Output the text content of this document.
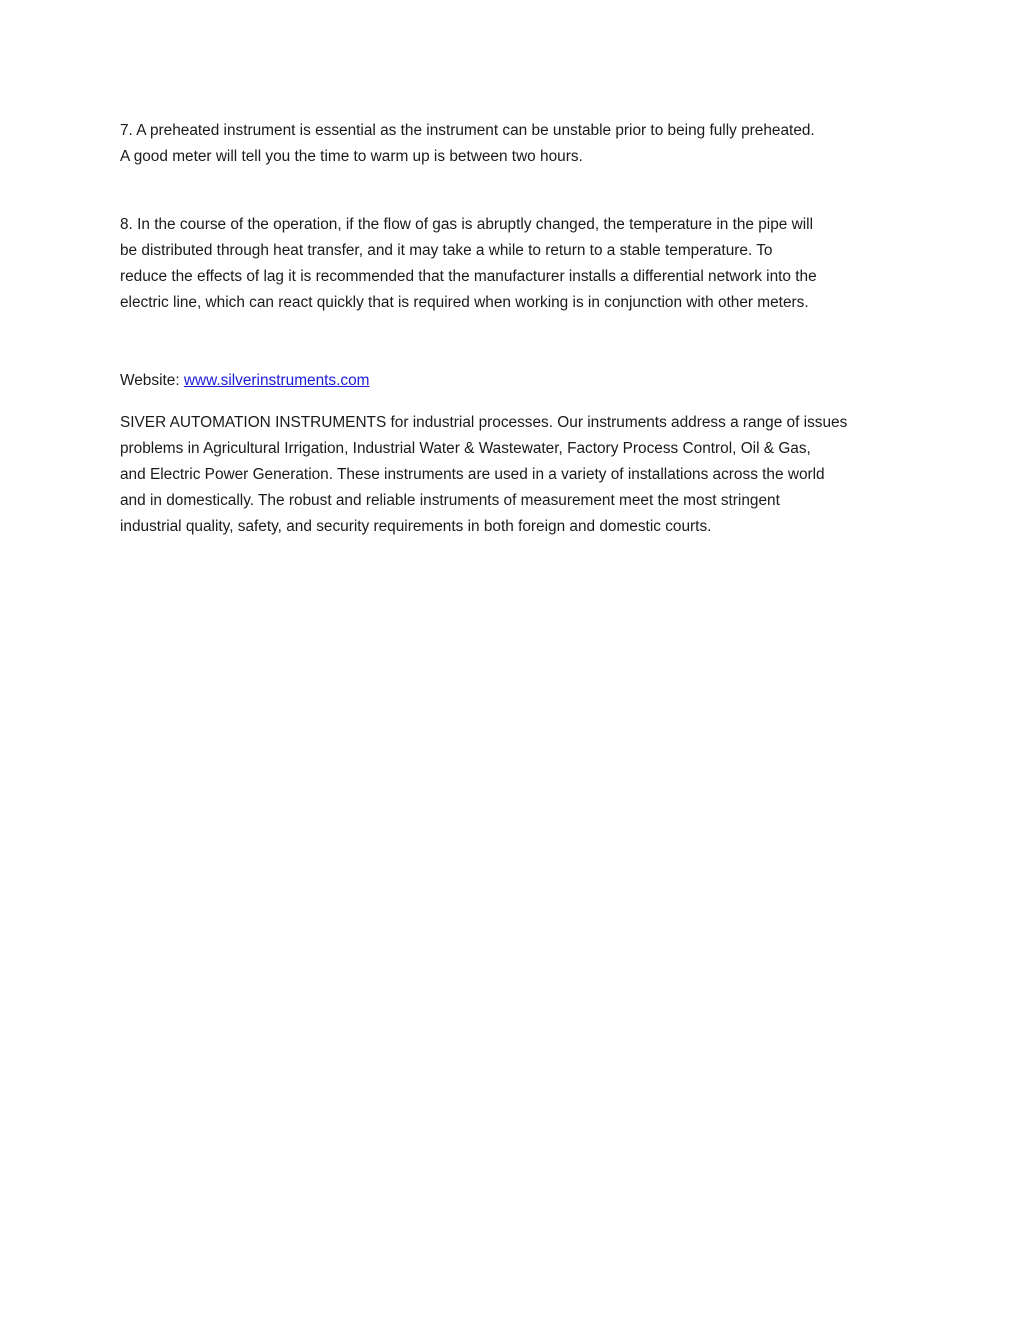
7. A preheated instrument is essential as the instrument can be unstable prior to being fully preheated.
A good meter will tell you the time to warm up is between two hours.

8. In the course of the operation, if the flow of gas is abruptly changed, the temperature in the pipe will
be distributed through heat transfer, and it may take a while to return to a stable temperature. To
reduce the effects of lag it is recommended that the manufacturer installs a differential network into the
electric line, which can react quickly that is required when working is in conjunction with other meters.

Website: www.silverinstruments.com

SIVER AUTOMATION INSTRUMENTS for industrial processes. Our instruments address a range of issues
problems in Agricultural Irrigation, Industrial Water & Wastewater, Factory Process Control, Oil & Gas,
and Electric Power Generation. These instruments are used in a variety of installations across the world
and in domestically. The robust and reliable instruments of measurement meet the most stringent
industrial quality, safety, and security requirements in both foreign and domestic courts.
